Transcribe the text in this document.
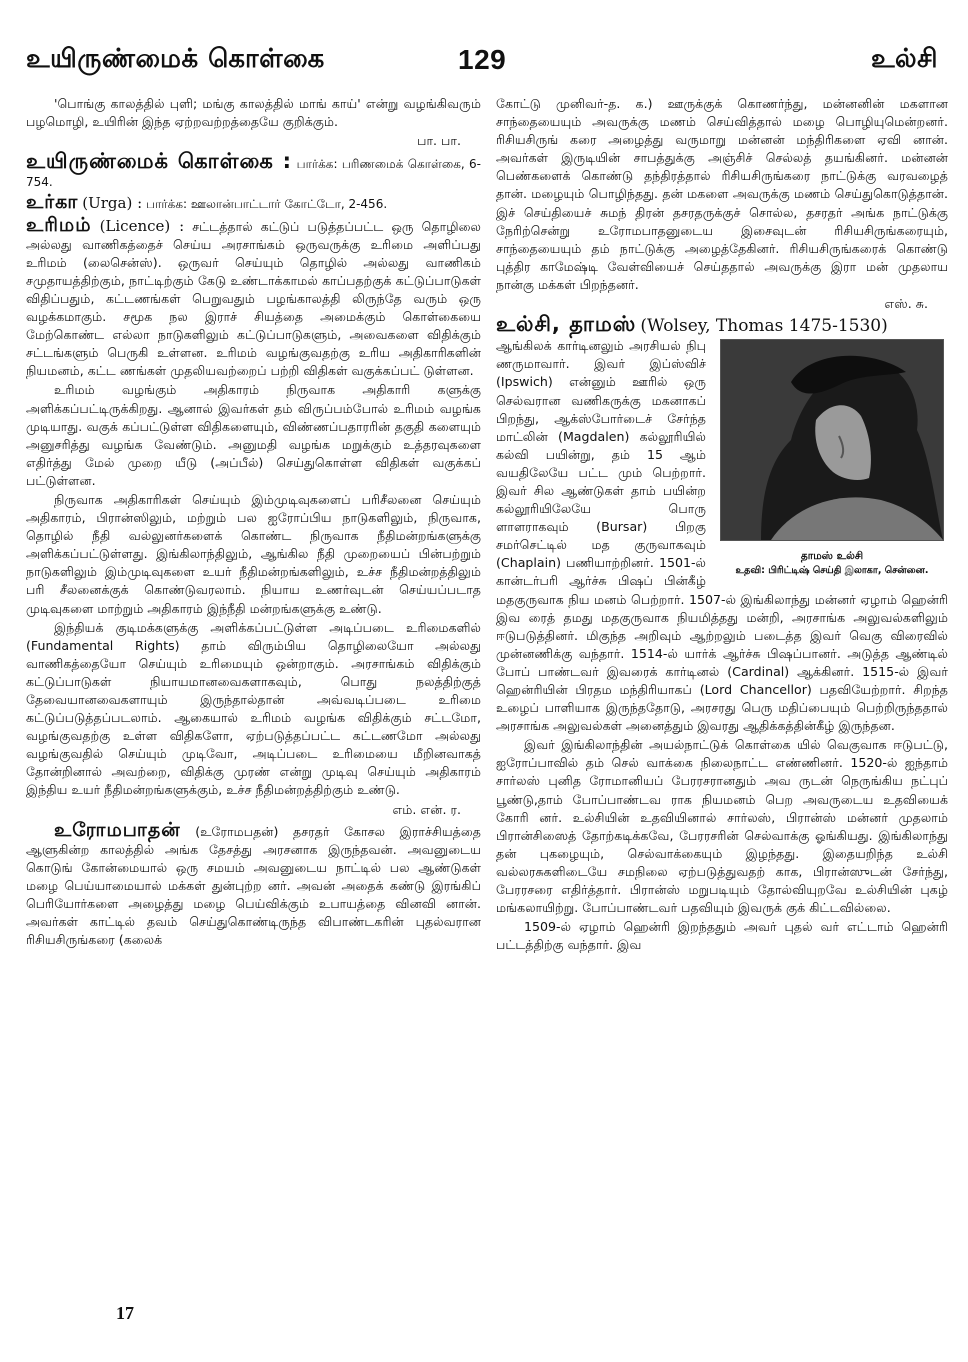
உயிருண்மைக் கொள்கை	129	உல்சி

'பொங்கு காலத்தில் புளி; மங்கு காலத்தில் மாங் காய்' என்று வழங்கிவரும் பழமொழி, உயிரின் இந்த ஏற்றவற்றத்தையே குறிக்கும்.

பா. பா.
உயிருண்மைக் கொள்கை : பார்க்க: பரிணமைக் கொள்கை, 6-754.
உர்கா (Urga) : பார்க்க: ஊலான்பாட்டார் கோட்டோ, 2-456.

உரிமம் (Licence) : சட்டத்தால் கட்டுப் படுத்தப்பட்ட ஒரு தொழிலை அல்லது வாணிகத்தைச் செய்ய அரசாங்கம் ஒருவருக்கு உரிமை அளிப்பது உரிமம் (லைசென்ஸ்). ஒருவர் செய்யும் தொழில் அல்லது வாணிகம் சமுதாயத்திற்கும், நாட்டிற்கும் கேடு உண்டாக்காமல் காப்பதற்குக் கட்டுப்பாடுகள் விதிப்பதும், கட்டணங்கள் பெறுவதும் பழங்காலத்தி லிருந்தே வரும் ஒரு வழக்கமாகும். சமூக நல இராச் சியத்தை அமைக்கும் கொள்கையை மேற்கொண்ட எல்லா நாடுகளிலும் கட்டுப்பாடுகளும், அவைகளை விதிக்கும் சட்டங்களும் பெருகி உள்ளன. உரிமம் வழங்குவதற்கு உரிய அதிகாரிகளின் நியமனம், கட்ட ணங்கள் முதலியவற்றைப் பற்றி விதிகள் வகுக்கப்பட் டுள்ளன.

உரிமம் வழங்கும் அதிகாரம் நிருவாக அதிகாரி களுக்கு அளிக்கப்பட்டிருக்கிறது. ஆனால் இவர்கள் தம் விருப்பம்போல் உரிமம் வழங்க முடியாது. வகுக் கப்பட்டுள்ள விதிகளையும், விண்ணப்பதாரரின் தகுதி களையும் அனுசரித்து வழங்க வேண்டும். அனுமதி வழங்க மறுக்கும் உத்தரவுகளை எதிர்த்து மேல் முறை யீடு (அப்பீல்) செய்துகொள்ள விதிகள் வகுக்கப் பட்டுள்ளன.

நிருவாக அதிகாரிகள் செய்யும் இம்முடிவுகளைப் பரிசீலனை செய்யும் அதிகாரம், பிரான்ஸிலும், மற்றும் பல ஐரோப்பிய நாடுகளிலும், நிருவாக, தொழில் நீதி வல்லுனர்களைக் கொண்ட நிருவாக நீதிமன்றங்களுக்கு அளிக்கப்பட்டுள்ளது. இங்கிலாந்திலும், ஆங்கில நீதி முறையைப் பின்பற்றும் நாடுகளிலும் இம்முடிவுகளை உயர் நீதிமன்றங்களிலும், உச்ச நீதிமன்றத்திலும் பரி சீலனைக்குக் கொண்டுவரலாம். நியாய உணர்வுடன் செய்யப்படாத முடிவுகளை மாற்றும் அதிகாரம் இந்நீதி மன்றங்களுக்கு உண்டு.

இந்தியக் குடிமக்களுக்கு அளிக்கப்பட்டுள்ள அடிப்படை உரிமைகளில் (Fundamental Rights) தாம் விரும்பிய தொழிலையோ அல்லது வாணிகத்தையோ செய்யும் உரிமையும் ஒன்றாகும். அரசாங்கம் விதிக்கும் கட்டுப்பாடுகள் நியாயமானவைகளாகவும், பொது நலத்திற்குத் தேவையானவைகளாயும் இருந்தால்தான் அவ்வடிப்படை உரிமை கட்டுப்படுத்தப்படலாம். ஆகையால் உரிமம் வழங்க விதிக்கும் சட்டமோ, வழங்குவதற்கு உள்ள விதிகளோ, ஏற்படுத்தப்பட்ட கட்டணமோ அல்லது வழங்குவதில் செய்யும் முடிவோ, அடிப்படை உரிமையை மீறினவாகத் தோன்றினால் அவற்றை, விதிக்கு முரண் என்று முடிவு செய்யும் அதிகாரம் இந்திய உயர் நீதிமன்றங்களுக்கும், உச்ச நீதிமன்றத்திற்கும் உண்டு.

எம். என். ர.

உரோமபாதன் (உரோமபதன்) தசரதர் கோசல இராச்சியத்தை ஆளுகின்ற காலத்தில் அங்க தேசத்து அரசனாக இருந்தவன். அவனுடைய கொடுங் கோன்மையால் ஒரு சமயம் அவனுடைய நாட்டில் பல ஆண்டுகள் மழை பெய்யாமையால் மக்கள் துன்புற்ற னர். அவன் அதைக் கண்டு இரங்கிப் பெரியோர்களை அழைத்து மழை பெய்விக்கும் உபாயத்தை வினவி னான். அவர்கள் காட்டில் தவம் செய்துகொண்டிருந்த விபாண்டகரின் புதல்வரான ரிசியசிருங்கரை (கலைக்

கோட்டு முனிவர்-த. க.) ஊருக்குக் கொணர்ந்து, மன்னனின் மகளான சாந்தையையும் அவருக்கு மணம் செய்வித்தால் மழை பொழியுமென்றனர். ரிசியசிருங் கரை அழைத்து வருமாறு மன்னன் மந்திரிகளை ஏவி னான். அவர்கள் இருடியின் சாபத்துக்கு அஞ்சிச் செல்லத் தயங்கினர். மன்னன் பெண்களைக் கொண்டு தந்திரத்தால் ரிசியசிருங்கரை நாட்டுக்கு வரவழைத் தான். மழையும் பொழிந்தது. தன் மகளை அவருக்கு மணம் செய்துகொடுத்தான். இச் செய்தியைச் சுமந் திரன் தசரதருக்குச் சொல்ல, தசரதர் அங்க நாட்டுக்கு நேரிற்சென்று உரோமபாதனுடைய இசைவுடன் ரிசியசிருங்கரையும், சாந்தையையும் தம் நாட்டுக்கு அழைத்தேகினர். ரிசியசிருங்கரைக் கொண்டு புத்திர காமேஷ்டி வேள்வியைச் செய்ததால் அவருக்கு இரா மன் முதலாய நான்கு மக்கள் பிறந்தனர்.

எஸ். சு.

உல்சி, தாமஸ் (Wolsey, Thomas 1475-1530)

தாமஸ் உல்சி
உதவி: பிரிட்டிஷ் செய்தி இலாகா, சென்னை.

ஆங்கிலக் கார்டினலும் அரசியல் நிபு ணருமாவார். இவர் இப்ஸ்விச் (Ipswich) என்னும் ஊரில் ஒரு செல்வரான வணிகருக்கு மகனாகப் பிறந்து, ஆக்ஸ்போர்டைச் சேர்ந்த மாட்லின் (Magdalen) கல்லூரியில் கல்வி பயின்று, தம் 15 ஆம் வயதிலேயே பட்ட மும் பெற்றார். இவர் சில ஆண்டுகள் தாம் பயின்ற கல்லூரியிலேயே பொரு ளாளராகவும் (Bursar) பிறகு சமர்செட்டில் மத குருவாகவும் (Chaplain) பணியாற்றினர். 1501-ல் கான்டர்பரி ஆர்ச்சு பிஷப் பின்கீழ் மதகுருவாக நிய மனம் பெற்றார். 1507-ல் இங்கிலாந்து மன்னர் ஏழாம் ஹென்ரி இவ ரைத் தமது மதகுருவாக நியமித்தது மன்றி, அரசாங்க அலுவல்களிலும் ஈடுபடுத்தினர். மிகுந்த அறிவும் ஆற்றலும் படைத்த இவர் வெகு விரைவில் முன்னணிக்கு வந்தார். 1514-ல் யார்க் ஆர்ச்சு பிஷப்பானர். அடுத்த ஆண்டில் போப் பாண்டவர் இவரைக் கார்டினல் (Cardinal) ஆக்கினர். 1515-ல் இவர் ஹென்ரியின் பிரதம மந்திரியாகப் (Lord Chancellor) பதவியேற்றார். சிறந்த உழைப் பாளியாக இருந்ததோடு, அரசரது பெரு மதிப்பையும் பெற்றிருந்ததால் அரசாங்க அலுவல்கள் அனைத்தும் இவரது ஆதிக்கத்தின்கீழ் இருந்தன.

இவர் இங்கிலாந்தின் அயல்நாட்டுக் கொள்கை யில் வெகுவாக ஈடுபட்டு, ஐரோப்பாவில் தம் செல் வாக்கை நிலைநாட்ட எண்ணினர். 1520-ல் ஐந்தாம் சார்லஸ் புனித ரோமானியப் பேரரசரானதும் அவ ருடன் நெருங்கிய நட்புப் பூண்டு,தாம் போப்பாண்டவ ராக நியமனம் பெற அவருடைய உதவியைக் கோரி னர். உல்சியின் உதவியினால் சார்லஸ், பிரான்ஸ் மன்னர் முதலாம் பிரான்சிஸைத் தோற்கடிக்கவே, பேரரசரின் செல்வாக்கு ஓங்கியது. இங்கிலாந்து தன் புகழையும், செல்வாக்கையும் இழந்தது. இதையறிந்த உல்சி வல்லரசுகளிடையே சமநிலை ஏற்படுத்துவதற் காக, பிரான்ஸுடன் சேர்ந்து, பேரரசரை எதிர்த்தார். பிரான்ஸ் மறுபடியும் தோல்வியுறவே உல்சியின் புகழ் மங்கலாயிற்று. போப்பாண்டவர் பதவியும் இவருக் குக் கிட்டவில்லை.

1509-ல் ஏழாம் ஹென்ரி இறந்ததும் அவர் புதல் வர் எட்டாம் ஹென்ரி பட்டத்திற்கு வந்தார். இவ

17
